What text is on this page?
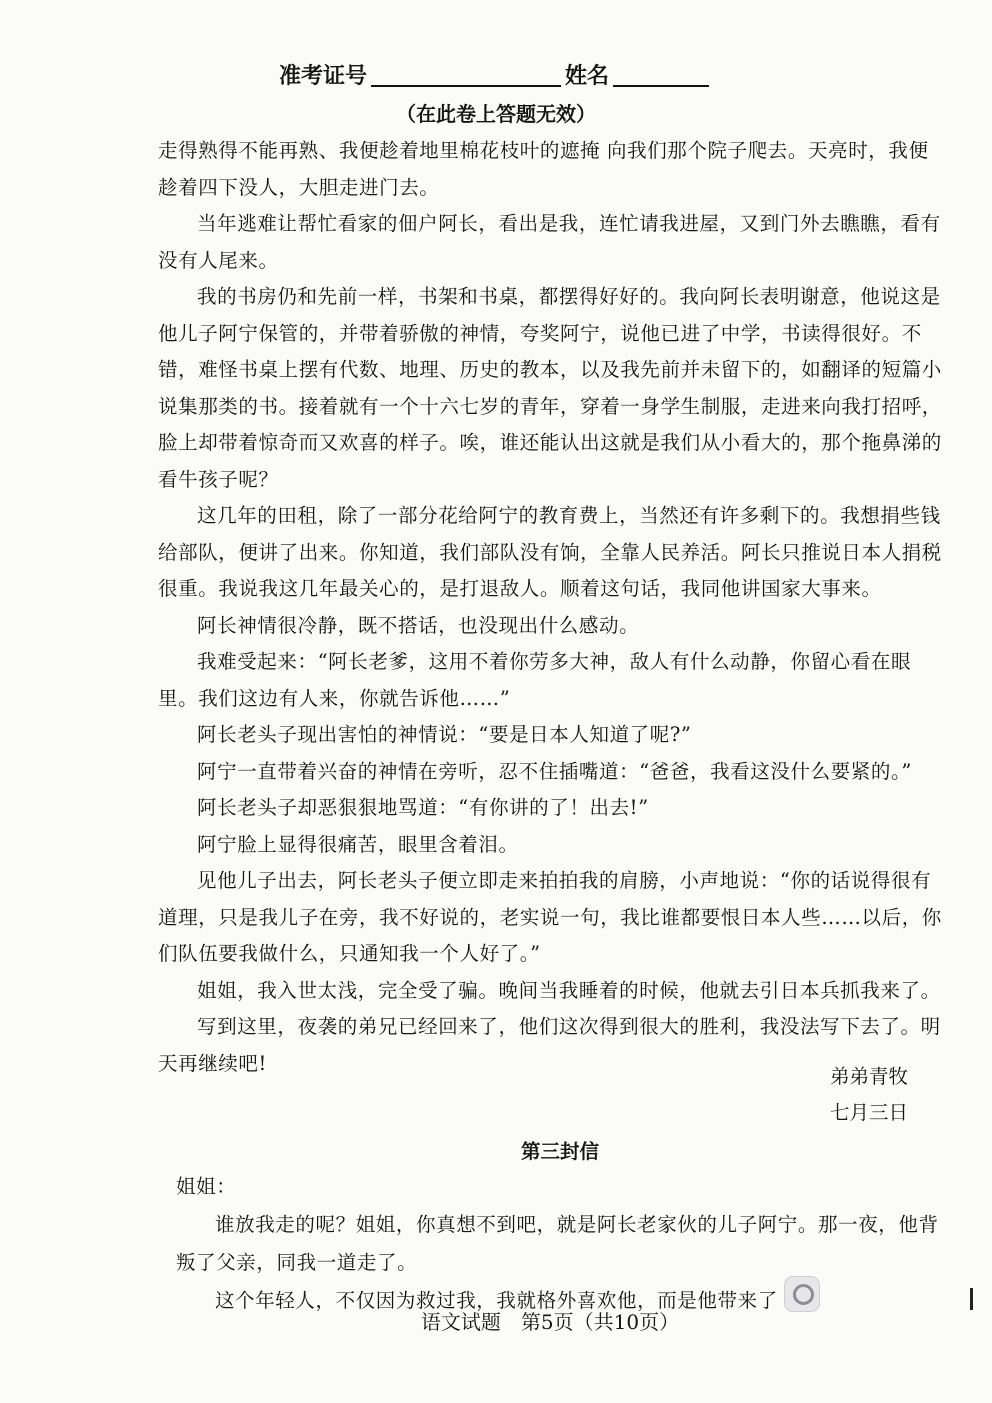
准考证号	姓名
（在此卷上答题无效）

走得熟得不能再熟、我便趁着地里棉花枝叶的遮掩 向我们那个院子爬去。天亮时，我便趁着四下没人，大胆走进门去。

当年逃难让帮忙看家的佃户阿长，看出是我，连忙请我进屋，又到门外去瞧瞧，看有没有人尾来。

我的书房仍和先前一样，书架和书桌，都摆得好好的。我向阿长表明谢意，他说这是他儿子阿宁保管的，并带着骄傲的神情，夸奖阿宁，说他已进了中学，书读得很好。不错，难怪书桌上摆有代数、地理、历史的教本，以及我先前并未留下的，如翻译的短篇小说集那类的书。接着就有一个十六七岁的青年，穿着一身学生制服，走进来向我打招呼，脸上却带着惊奇而又欢喜的样子。唉，谁还能认出这就是我们从小看大的，那个拖鼻涕的看牛孩子呢？

这几年的田租，除了一部分花给阿宁的教育费上，当然还有许多剩下的。我想捐些钱给部队，便讲了出来。你知道，我们部队没有饷，全靠人民养活。阿长只推说日本人捐税很重。我说我这几年最关心的，是打退敌人。顺着这句话，我同他讲国家大事来。

阿长神情很冷静，既不搭话，也没现出什么感动。

我难受起来：“阿长老爹，这用不着你劳多大神，敌人有什么动静，你留心看在眼里。我们这边有人来，你就告诉他……”

阿长老头子现出害怕的神情说：“要是日本人知道了呢?”

阿宁一直带着兴奋的神情在旁听，忍不住插嘴道：“爸爸，我看这没什么要紧的。”

阿长老头子却恶狠狠地骂道：“有你讲的了！出去!”

阿宁脸上显得很痛苦，眼里含着泪。

见他儿子出去，阿长老头子便立即走来拍拍我的肩膀，小声地说：“你的话说得很有道理，只是我儿子在旁，我不好说的，老实说一句，我比谁都要恨日本人些……以后，你们队伍要我做什么，只通知我一个人好了。”

姐姐，我入世太浅，完全受了骗。晚间当我睡着的时候，他就去引日本兵抓我来了。

写到这里，夜袭的弟兄已经回来了，他们这次得到很大的胜利，我没法写下去了。明天再继续吧!

弟弟青牧
七月三日
第三封信

姐姐：

谁放我走的呢？姐姐，你真想不到吧，就是阿长老家伙的儿子阿宁。那一夜，他背叛了父亲，同我一道走了。

这个年轻人，不仅因为救过我，我就格外喜欢他，而是他带来了

语文试题　第5页（共10页）
